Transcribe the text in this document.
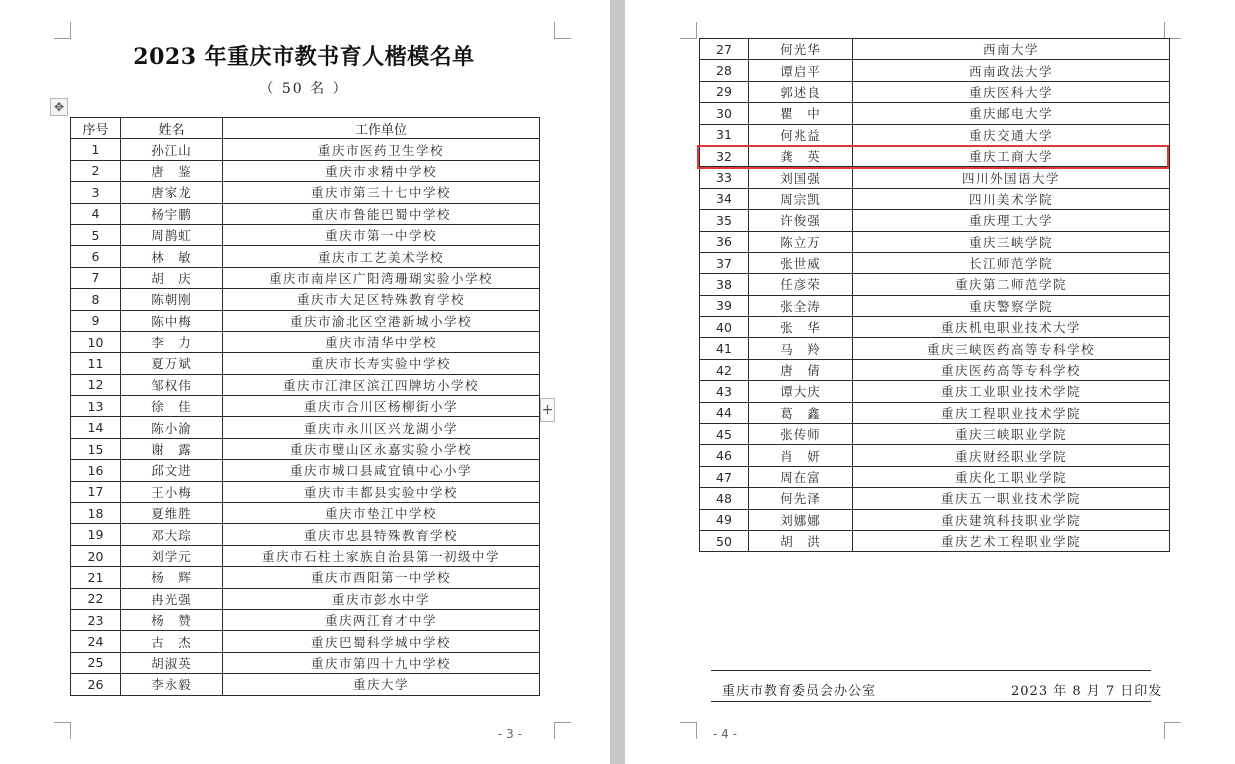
2023 年重庆市教书育人楷模名单
（ 50 名 ）
✥
序号	姓名	工作单位
1	孙江山	重庆市医药卫生学校
2	唐　鉴	重庆市求精中学校
3	唐家龙	重庆市第三十七中学校
4	杨宇鹏	重庆市鲁能巴蜀中学校
5	周鹊虹	重庆市第一中学校
6	林　敏	重庆市工艺美术学校
7	胡　庆	重庆市南岸区广阳湾珊瑚实验小学校
8	陈朝刚	重庆市大足区特殊教育学校
9	陈中梅	重庆市渝北区空港新城小学校
10	李　力	重庆市清华中学校
11	夏万斌	重庆市长寿实验中学校
12	邹权伟	重庆市江津区滨江四牌坊小学校
13	徐　佳	重庆市合川区杨柳街小学
14	陈小渝	重庆市永川区兴龙湖小学
15	谢　露	重庆市璧山区永嘉实验小学校
16	邱文进	重庆市城口县咸宜镇中心小学
17	王小梅	重庆市丰都县实验中学校
18	夏维胜	重庆市垫江中学校
19	邓大琮	重庆市忠县特殊教育学校
20	刘学元	重庆市石柱土家族自治县第一初级中学
21	杨　辉	重庆市酉阳第一中学校
22	冉光强	重庆市彭水中学
23	杨　赞	重庆两江育才中学
24	古　杰	重庆巴蜀科学城中学校
25	胡淑英	重庆市第四十九中学校
26	李永毅	重庆大学
+
- 3 -	- 4 -
27	何光华	西南大学
28	谭启平	西南政法大学
29	郭述良	重庆医科大学
30	瞿　中	重庆邮电大学
31	何兆益	重庆交通大学
32	龚　英	重庆工商大学
33	刘国强	四川外国语大学
34	周宗凯	四川美术学院
35	许俊强	重庆理工大学
36	陈立万	重庆三峡学院
37	张世威	长江师范学院
38	任彦荣	重庆第二师范学院
39	张全涛	重庆警察学院
40	张　华	重庆机电职业技术大学
41	马　羚	重庆三峡医药高等专科学校
42	唐　倩	重庆医药高等专科学校
43	谭大庆	重庆工业职业技术学院
44	葛　鑫	重庆工程职业技术学院
45	张传师	重庆三峡职业学院
46	肖　妍	重庆财经职业学院
47	周在富	重庆化工职业学院
48	何先泽	重庆五一职业技术学院
49	刘娜娜	重庆建筑科技职业学院
50	胡　洪	重庆艺术工程职业学院
重庆市教育委员会办公室	2023 年 8 月 7 日印发
